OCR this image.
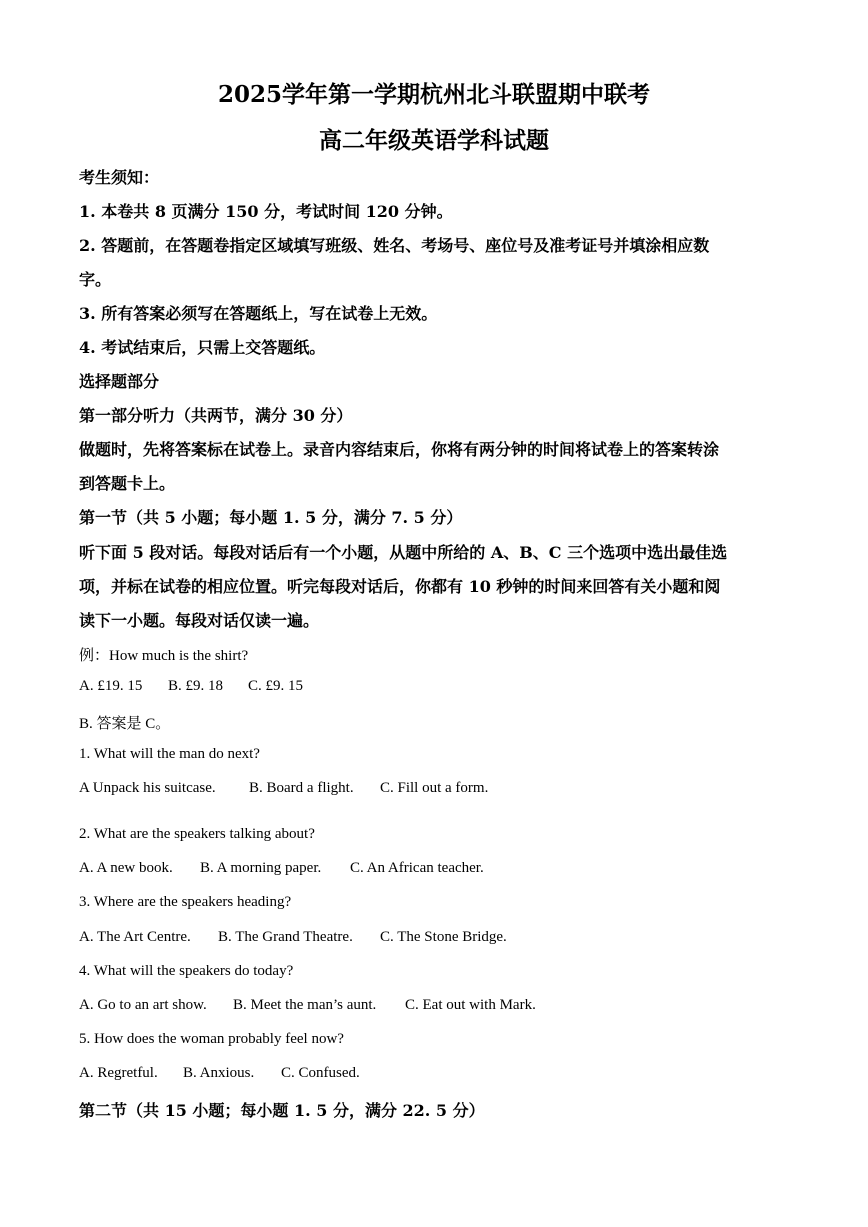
2025学年第一学期杭州北斗联盟期中联考
高二年级英语学科试题
考生须知：
1. 本卷共 8 页满分 150 分，考试时间 120 分钟。
2. 答题前，在答题卷指定区域填写班级、姓名、考场号、座位号及准考证号并填涂相应数
字。
3. 所有答案必须写在答题纸上，写在试卷上无效。
4. 考试结束后，只需上交答题纸。
选择题部分
第一部分听力（共两节，满分 30 分）
做题时，先将答案标在试卷上。录音内容结束后，你将有两分钟的时间将试卷上的答案转涂
到答题卡上。
第一节（共 5 小题；每小题 1. 5 分，满分 7. 5 分）
听下面 5 段对话。每段对话后有一个小题，从题中所给的 A、B、C 三个选项中选出最佳选
项，并标在试卷的相应位置。听完每段对话后，你都有 10 秒钟的时间来回答有关小题和阅
读下一小题。每段对话仅读一遍。
例：How much is the shirt?
A. £19. 15 B. £9. 18 C. £9. 15
B. 答案是 C。
1. What will the man do next?
A Unpack his suitcase. B. Board a flight. C. Fill out a form.
2. What are the speakers talking about?
A. A new book. B. A morning paper. C. An African teacher.
3. Where are the speakers heading?
A. The Art Centre. B. The Grand Theatre. C. The Stone Bridge.
4. What will the speakers do today?
A. Go to an art show. B. Meet the man’s aunt. C. Eat out with Mark.
5. How does the woman probably feel now?
A. Regretful. B. Anxious. C. Confused.
第二节（共 15 小题；每小题 1. 5 分，满分 22. 5 分）
